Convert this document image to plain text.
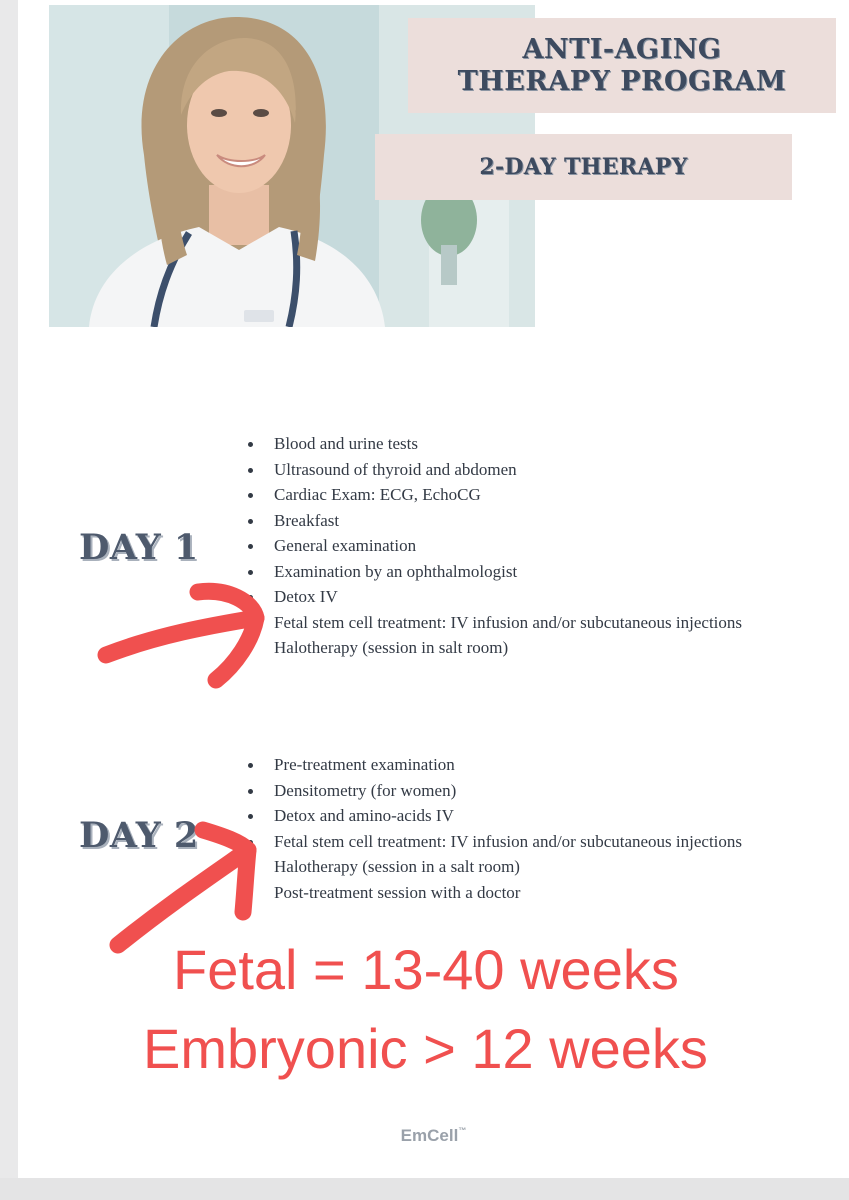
ANTI-AGING
THERAPY PROGRAM
2-DAY THERAPY
DAY 1
Blood and urine tests
Ultrasound of thyroid and abdomen
Cardiac Exam: ECG, EchoCG
Breakfast
General examination
Examination by an ophthalmologist
Detox IV
Fetal stem cell treatment: IV infusion and/or subcutaneous injections
Halotherapy (session in salt room)
DAY 2
Pre-treatment examination
Densitometry (for women)
Detox and amino-acids IV
Fetal stem cell treatment: IV infusion and/or subcutaneous injections
Halotherapy (session in a salt room)
Post-treatment session with a doctor
Fetal = 13-40 weeks
Embryonic > 12 weeks
EmCell™
